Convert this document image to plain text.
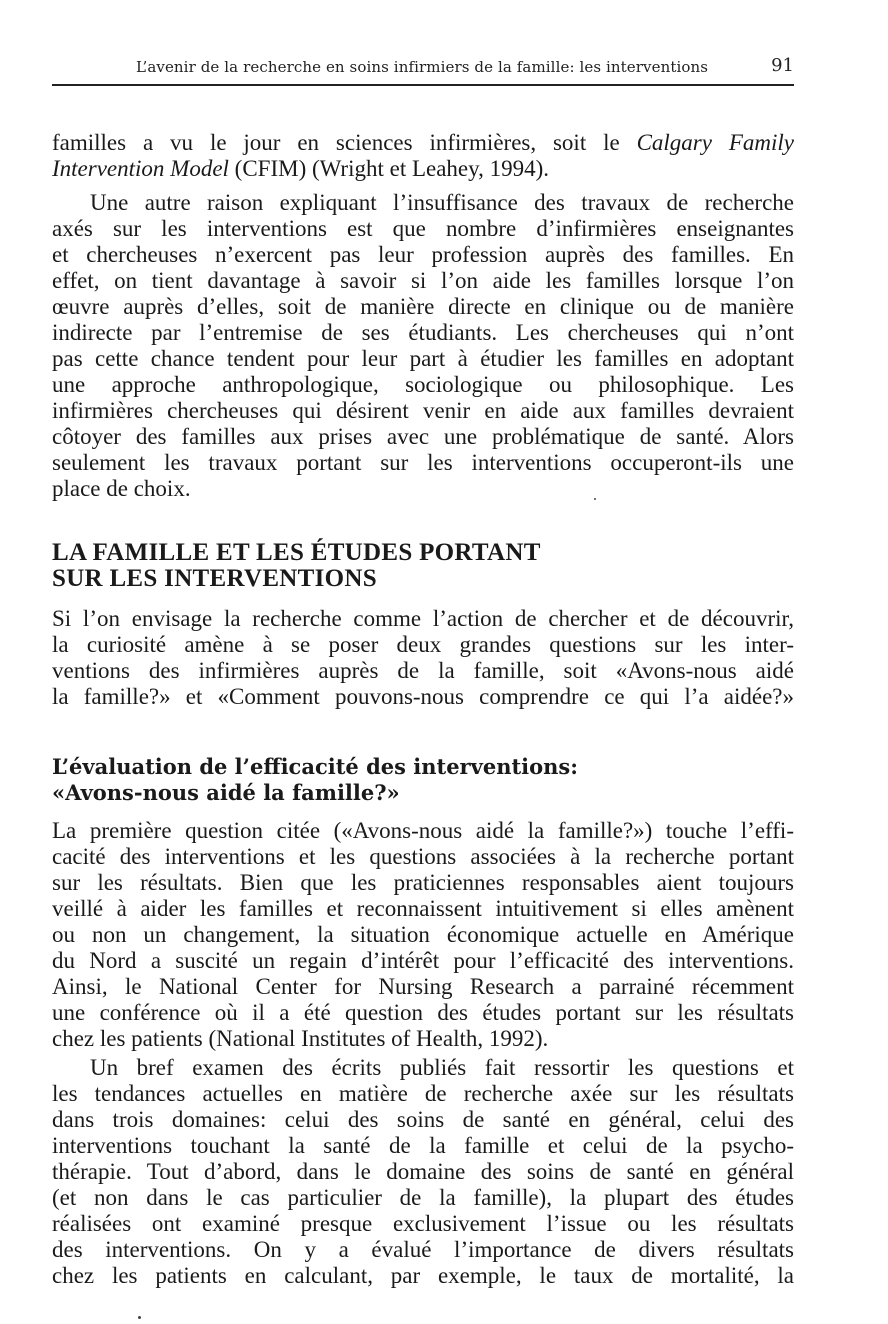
L’avenir de la recherche en soins infirmiers de la famille: les interventions	91
familles a vu le jour en sciences infirmières, soit le Calgary Family
Intervention Model (CFIM) (Wright et Leahey, 1994).
Une autre raison expliquant l’insuffisance des travaux de recherche
axés sur les interventions est que nombre d’infirmières enseignantes
et chercheuses n’exercent pas leur profession auprès des familles. En
effet, on tient davantage à savoir si l’on aide les familles lorsque l’on
œuvre auprès d’elles, soit de manière directe en clinique ou de manière
indirecte par l’entremise de ses étudiants. Les chercheuses qui n’ont
pas cette chance tendent pour leur part à étudier les familles en adoptant
une approche anthropologique, sociologique ou philosophique. Les
infirmières chercheuses qui désirent venir en aide aux familles devraient
côtoyer des familles aux prises avec une problématique de santé. Alors
seulement les travaux portant sur les interventions occuperont-ils une
place de choix.
LA FAMILLE ET LES ÉTUDES PORTANT
SUR LES INTERVENTIONS
Si l’on envisage la recherche comme l’action de chercher et de découvrir,
la curiosité amène à se poser deux grandes questions sur les inter-
ventions des infirmières auprès de la famille, soit «Avons-nous aidé
la famille?» et «Comment pouvons-nous comprendre ce qui l’a aidée?»
L’évaluation de l’efficacité des interventions:
«Avons-nous aidé la famille?»
La première question citée («Avons-nous aidé la famille?») touche l’effi-
cacité des interventions et les questions associées à la recherche portant
sur les résultats. Bien que les praticiennes responsables aient toujours
veillé à aider les familles et reconnaissent intuitivement si elles amènent
ou non un changement, la situation économique actuelle en Amérique
du Nord a suscité un regain d’intérêt pour l’efficacité des interventions.
Ainsi, le National Center for Nursing Research a parrainé récemment
une conférence où il a été question des études portant sur les résultats
chez les patients (National Institutes of Health, 1992).
Un bref examen des écrits publiés fait ressortir les questions et
les tendances actuelles en matière de recherche axée sur les résultats
dans trois domaines: celui des soins de santé en général, celui des
interventions touchant la santé de la famille et celui de la psycho-
thérapie. Tout d’abord, dans le domaine des soins de santé en général
(et non dans le cas particulier de la famille), la plupart des études
réalisées ont examiné presque exclusivement l’issue ou les résultats
des interventions. On y a évalué l’importance de divers résultats
chez les patients en calculant, par exemple, le taux de mortalité, la
